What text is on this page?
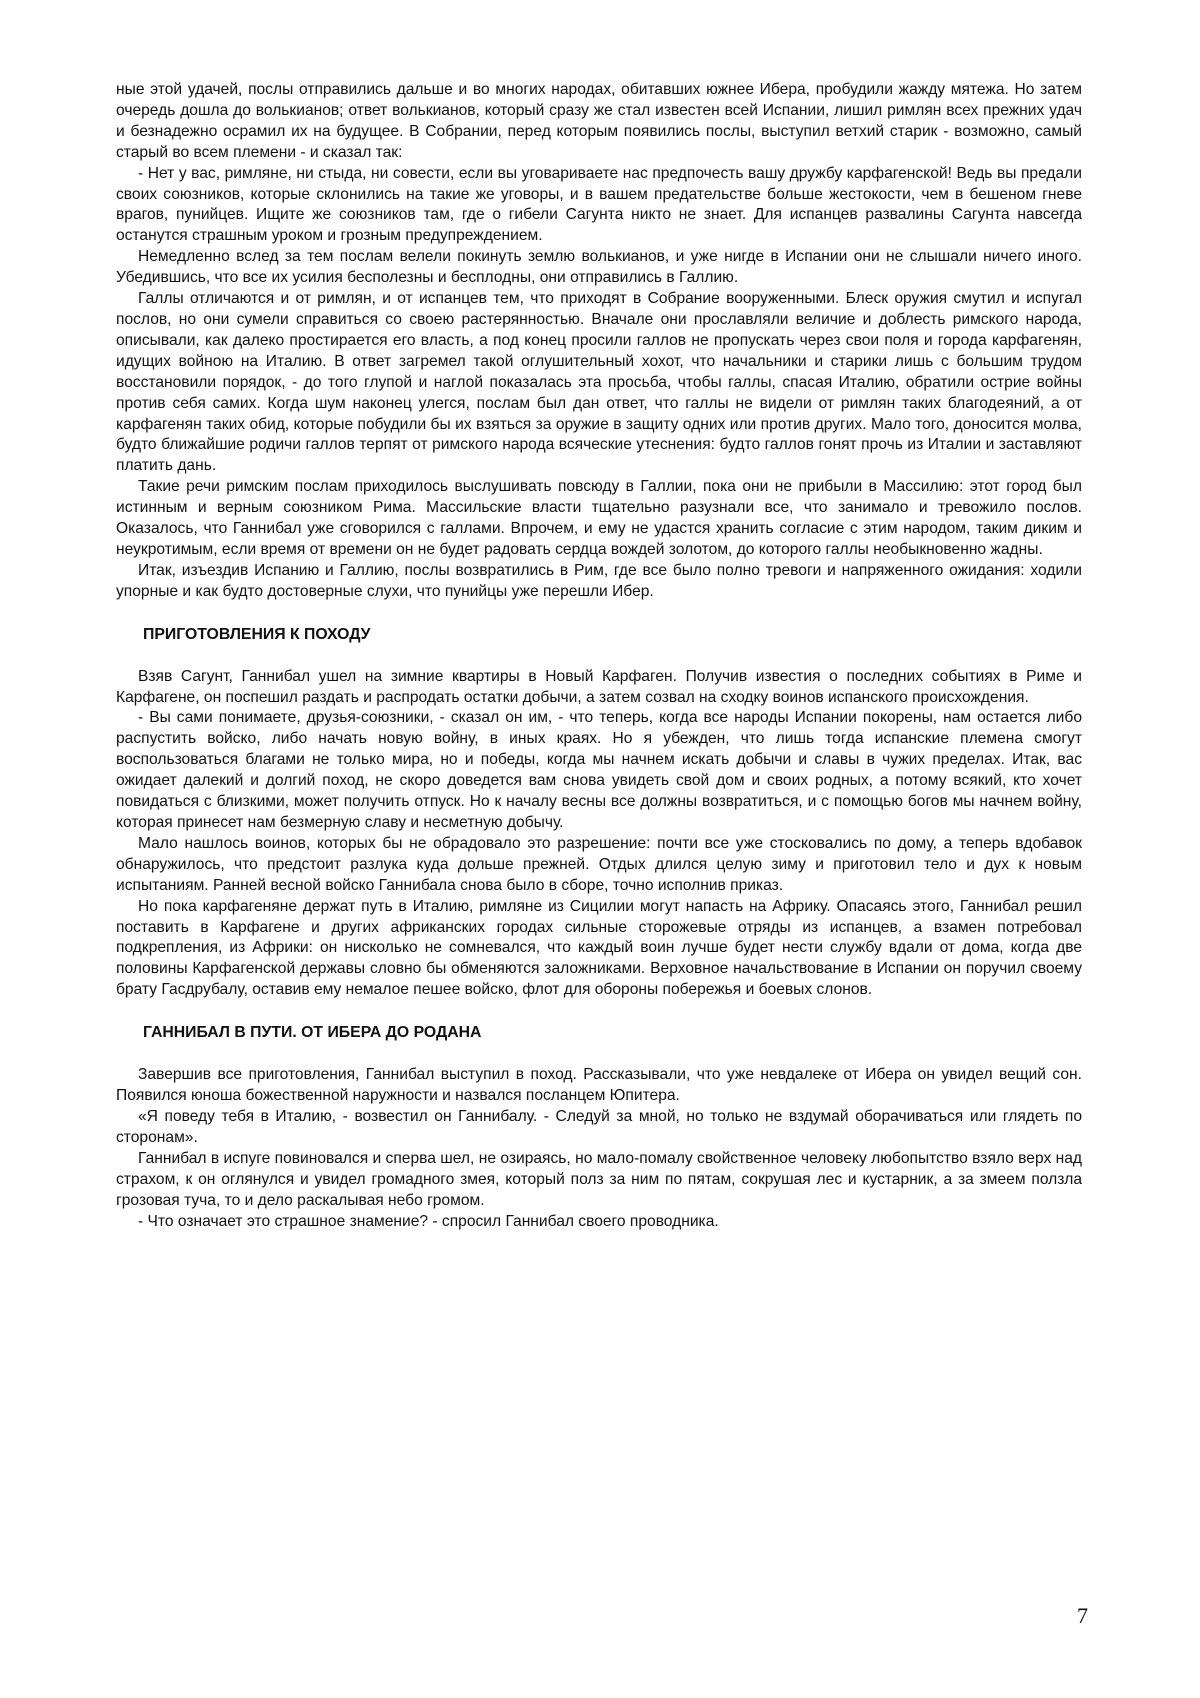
ные этой удачей, послы отправились дальше и во многих народах, обитавших южнее Ибера, пробудили жажду мятежа. Но затем очередь дошла до волькианов; ответ волькианов, который сразу же стал известен всей Испании, лишил римлян всех прежних удач и безнадежно осрамил их на будущее. В Собрании, перед которым появились послы, выступил ветхий старик - возможно, самый старый во всем племени - и сказал так:

- Нет у вас, римляне, ни стыда, ни совести, если вы уговариваете нас предпочесть вашу дружбу карфагенской! Ведь вы предали своих союзников, которые склонились на такие же уговоры, и в вашем предательстве больше жестокости, чем в бешеном гневе врагов, пунийцев. Ищите же союзников там, где о гибели Сагунта никто не знает. Для испанцев развалины Сагунта навсегда останутся страшным уроком и грозным предупреждением.

Немедленно вслед за тем послам велели покинуть землю волькианов, и уже нигде в Испании они не слышали ничего иного. Убедившись, что все их усилия бесполезны и бесплодны, они отправились в Галлию.

Галлы отличаются и от римлян, и от испанцев тем, что приходят в Собрание вооруженными. Блеск оружия смутил и испугал послов, но они сумели справиться со своею растерянностью. Вначале они прославляли величие и доблесть римского народа, описывали, как далеко простирается его власть, а под конец просили галлов не пропускать через свои поля и города карфагенян, идущих войною на Италию. В ответ загремел такой оглушительный хохот, что начальники и старики лишь с большим трудом восстановили порядок, - до того глупой и наглой показалась эта просьба, чтобы галлы, спасая Италию, обратили острие войны против себя самих. Когда шум наконец улегся, послам был дан ответ, что галлы не видели от римлян таких благодеяний, а от карфагенян таких обид, которые побудили бы их взяться за оружие в защиту одних или против других. Мало того, доносится молва, будто ближайшие родичи галлов терпят от римского народа всяческие утеснения: будто галлов гонят прочь из Италии и заставляют платить дань.

Такие речи римским послам приходилось выслушивать повсюду в Галлии, пока они не прибыли в Массилию: этот город был истинным и верным союзником Рима. Массильские власти тщательно разузнали все, что занимало и тревожило послов. Оказалось, что Ганнибал уже сговорился с галлами. Впрочем, и ему не удастся хранить согласие с этим народом, таким диким и неукротимым, если время от времени он не будет радовать сердца вождей золотом, до которого галлы необыкновенно жадны.

Итак, изъездив Испанию и Галлию, послы возвратились в Рим, где все было полно тревоги и напряженного ожидания: ходили упорные и как будто достоверные слухи, что пунийцы уже перешли Ибер.

ПРИГОТОВЛЕНИЯ К ПОХОДУ

Взяв Сагунт, Ганнибал ушел на зимние квартиры в Новый Карфаген. Получив известия о последних событиях в Риме и Карфагене, он поспешил раздать и распродать остатки добычи, а затем созвал на сходку воинов испанского происхождения.

- Вы сами понимаете, друзья-союзники, - сказал он им, - что теперь, когда все народы Испании покорены, нам остается либо распустить войско, либо начать новую войну, в иных краях. Но я убежден, что лишь тогда испанские племена смогут воспользоваться благами не только мира, но и победы, когда мы начнем искать добычи и славы в чужих пределах. Итак, вас ожидает далекий и долгий поход, не скоро доведется вам снова увидеть свой дом и своих родных, а потому всякий, кто хочет повидаться с близкими, может получить отпуск. Но к началу весны все должны возвратиться, и с помощью богов мы начнем войну, которая принесет нам безмерную славу и несметную добычу.

Мало нашлось воинов, которых бы не обрадовало это разрешение: почти все уже стосковались по дому, а теперь вдобавок обнаружилось, что предстоит разлука куда дольше прежней. Отдых длился целую зиму и приготовил тело и дух к новым испытаниям. Ранней весной войско Ганнибала снова было в сборе, точно исполнив приказ.

Но пока карфагеняне держат путь в Италию, римляне из Сицилии могут напасть на Африку. Опасаясь этого, Ганнибал решил поставить в Карфагене и других африканских городах сильные сторожевые отряды из испанцев, а взамен потребовал подкрепления, из Африки: он нисколько не сомневался, что каждый воин лучше будет нести службу вдали от дома, когда две половины Карфагенской державы словно бы обменяются заложниками. Верховное начальствование в Испании он поручил своему брату Гасдрубалу, оставив ему немалое пешее войско, флот для обороны побережья и боевых слонов.

ГАННИБАЛ В ПУТИ. ОТ ИБЕРА ДО РОДАНА

Завершив все приготовления, Ганнибал выступил в поход. Рассказывали, что уже невдалеке от Ибера он увидел вещий сон. Появился юноша божественной наружности и назвался посланцем Юпитера.

«Я поведу тебя в Италию, - возвестил он Ганнибалу. - Следуй за мной, но только не вздумай оборачиваться или глядеть по сторонам».

Ганнибал в испуге повиновался и сперва шел, не озираясь, но мало-помалу свойственное человеку любопытство взяло верх над страхом, к он оглянулся и увидел громадного змея, который полз за ним по пятам, сокрушая лес и кустарник, а за змеем ползла грозовая туча, то и дело раскалывая небо громом.

- Что означает это страшное знамение? - спросил Ганнибал своего проводника.

7
